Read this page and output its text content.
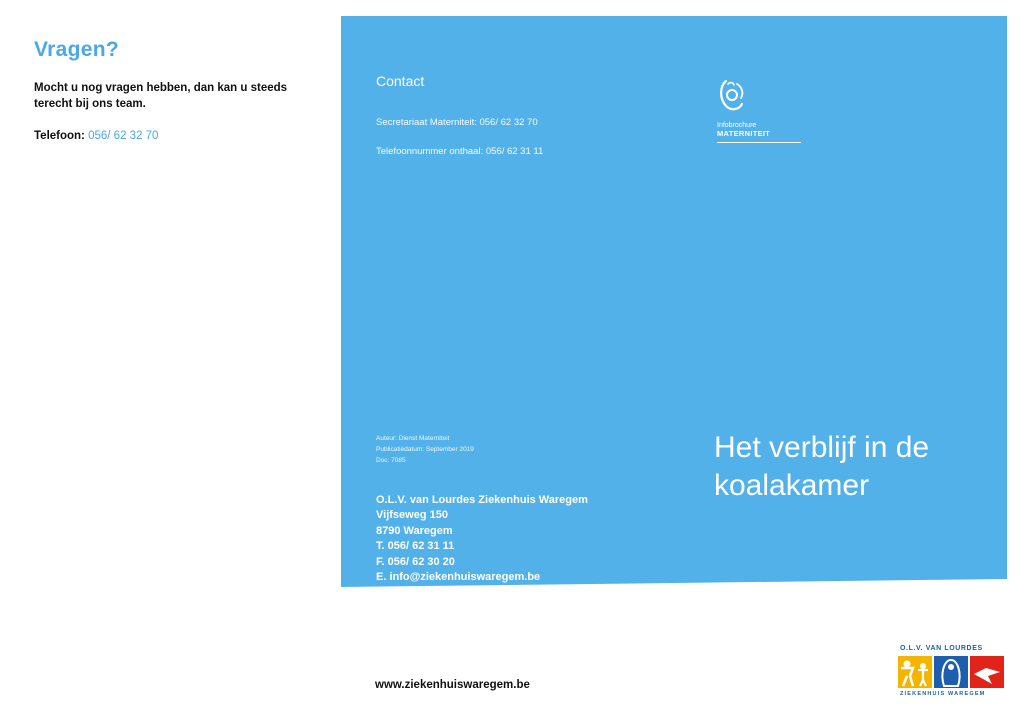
Vragen?

Mocht u nog vragen hebben, dan kan u steeds

terecht bij ons team.

Telefoon: 056/ 62 32 70

Contact
Secretariaat Materniteit: 056/ 62 32 70
Telefoonnummer onthaal: 056/ 62 31 11
Infobrochure
MATERNITEIT
Auteur: Dienst Materniteit
Publicatiedatum: September 2019
Doc: 7085
O.L.V. van Lourdes Ziekenhuis Waregem
Vijfseweg 150
8790 Waregem
T. 056/ 62 31 11
F. 056/ 62 30 20
E. info@ziekenhuiswaregem.be
Het verblijf in de
koalakamer
www.ziekenhuiswaregem.be
O.L.V. VAN LOURDES
ZIEKENHUIS WAREGEM
